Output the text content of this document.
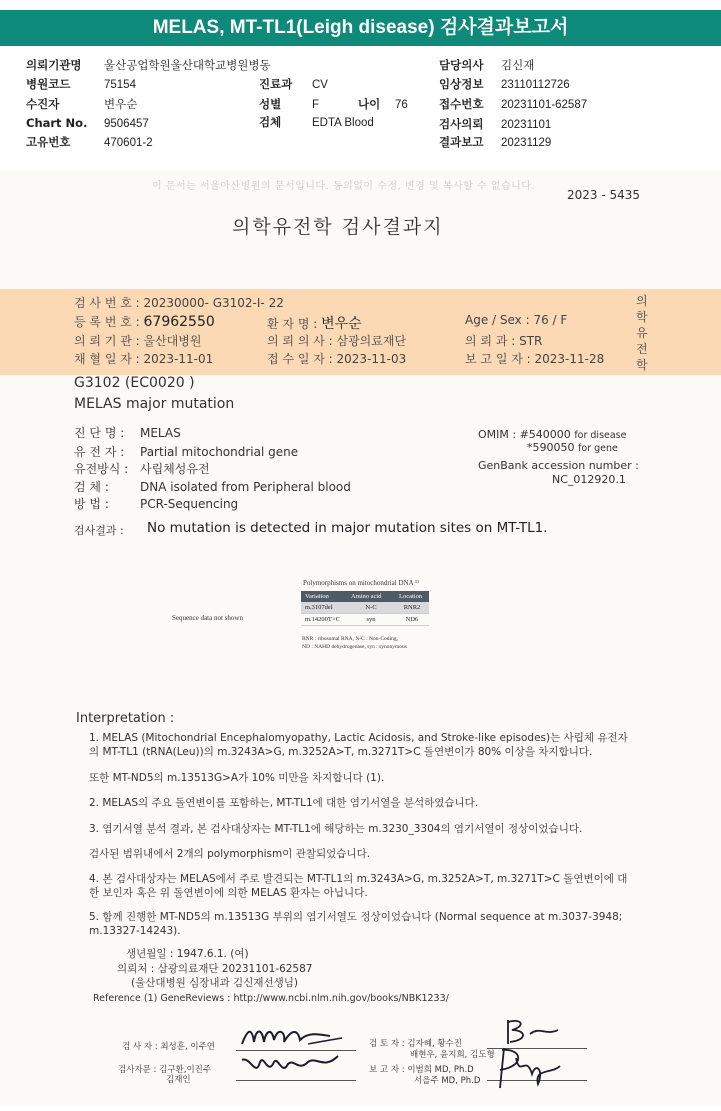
MELAS, MT-TL1(Leigh disease) 검사결과보고서
의뢰기관명 울산공업학원울산대학교병원병동
병원코드	75154
수진자	변우순
Chart No. 9506457
고유번호	470601-2
진료과 CV
성별	F	나이 76
검체	EDTA Blood
담당의사 김신재
임상정보 23110112726
접수번호 20231101-62587
검사의뢰 20231101
결과보고 20231129
이 문서는 서울아산병원의 문서입니다. 동의없이 수정, 변경 및 복사할 수 없습니다.
2023 - 5435
의학유전학 검사결과지
검 사 번 호 : 20230000- G3102-I- 22
등 록 번 호 : 67962550	환 자 명 : 변우순	Age / Sex : 76 / F
의 뢰 기 관 : 울산대병원	의 뢰 의 사 : 삼광의료재단	의 뢰 과 : STR
채 혈 일 자 : 2023-11-01	접 수 일 자 : 2023-11-03	보 고 일 자 : 2023-11-28
의
학
유
전
학
G3102 (EC0020 )
MELAS major mutation
진 단 명 : MELAS
유 전 자 : Partial mitochondrial gene
유전방식 : 사립체성유전
검 체 :	DNA isolated from Peripheral blood
방 법 :	PCR-Sequencing
OMIM : #540000 for disease
*590050 for gene
GenBank accession number :
NC_012920.1
검사결과 : No mutation is detected in major mutation sites on MT-TL1.
Sequence data not shown
Polymorphisms on mitochondrial DNA ¹⁾
Variation	Amino acid	Location
m.3107del	N-C	RNR2
m.14200T>C	syn	ND6
RNR : ribosomal RNA, N-C : Non-Coding,
ND : NAHD dehydrogenase, syn : synonymous
Interpretation :
1. MELAS (Mitochondrial Encephalomyopathy, Lactic Acidosis, and Stroke-like episodes)는 사립체 유전자의 MT-TL1 (tRNA(Leu))의 m.3243A>G, m.3252A>T, m.3271T>C 돌연변이가 80% 이상을 차지합니다.
또한 MT-ND5의 m.13513G>A가 10% 미만을 차지합니다 (1).
2. MELAS의 주요 돌연변이를 포함하는, MT-TL1에 대한 염기서열을 분석하였습니다.
3. 염기서열 분석 결과, 본 검사대상자는 MT-TL1에 해당하는 m.3230_3304의 염기서열이 정상이었습니다.
검사된 범위내에서 2개의 polymorphism이 관찰되었습니다.
4. 본 검사대상자는 MELAS에서 주로 발견되는 MT-TL1의 m.3243A>G, m.3252A>T, m.3271T>C 돌연변이에 대한 보인자 혹은 위 돌연변이에 의한 MELAS 환자는 아닙니다.
5. 함께 진행한 MT-ND5의 m.13513G 부위의 염기서열도 정상이었습니다 (Normal sequence at m.3037-3948; m.13327-14243).
생년월일 : 1947.6.1. (여)
의뢰처 : 삼광의료재단 20231101-62587
(울산대병원 심장내과 김신재선생님)
Reference (1) GeneReviews : http://www.ncbi.nlm.nih.gov/books/NBK1233/
검 사 자 : 최성훈, 이주연
검사자문 : 김구환,이진주
김재인
검 토 자 : 김자혜, 황수진
배현우, 윤지희, 김도형
보 고 자 : 이범희 MD, Ph.D
서을주 MD, Ph.D
